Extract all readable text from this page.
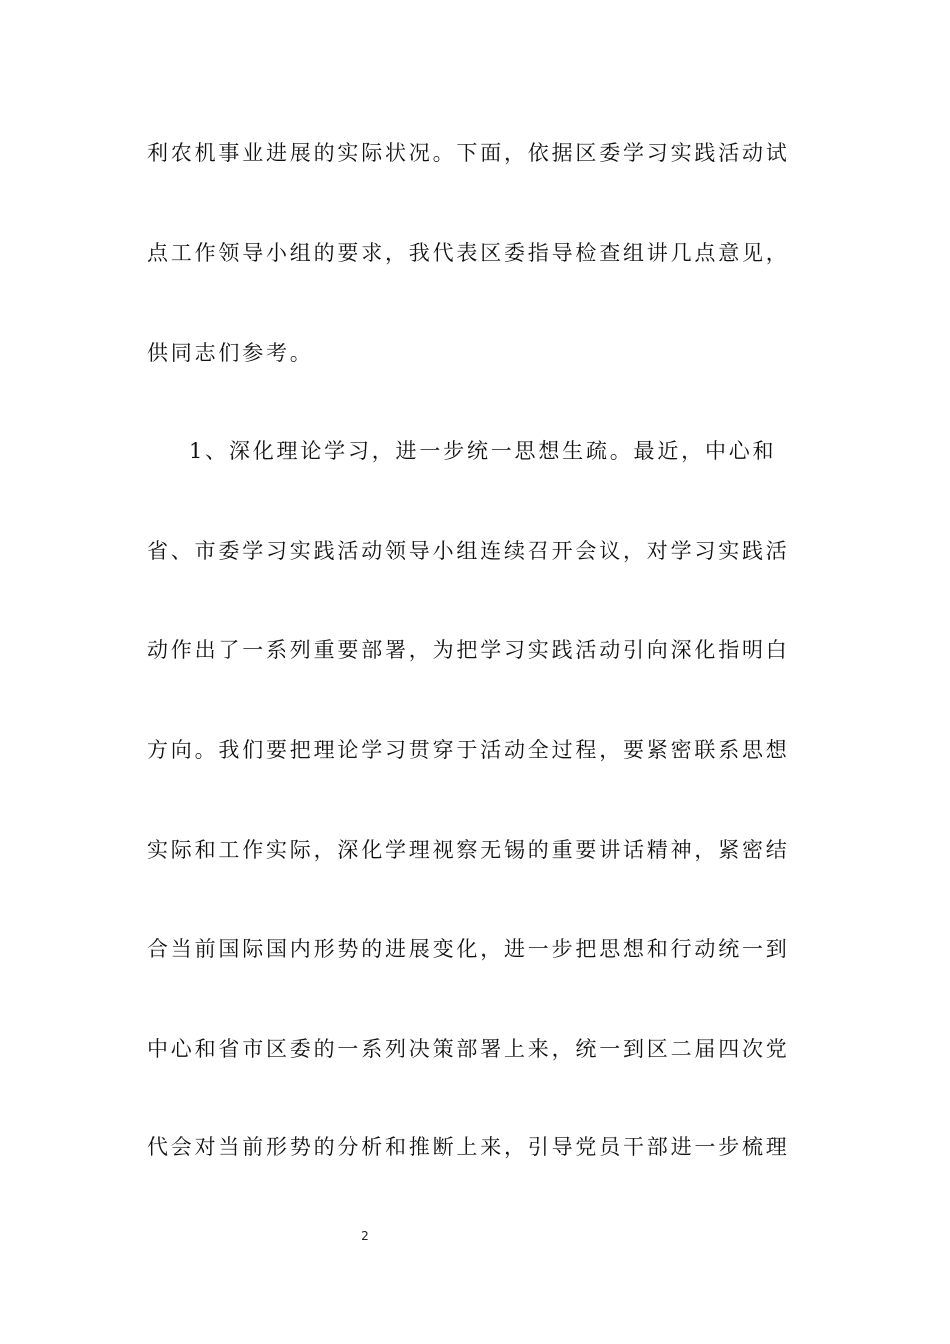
利农机事业进展的实际状况。下面，依据区委学习实践活动试
点工作领导小组的要求，我代表区委指导检查组讲几点意见，
供同志们参考。
1、深化理论学习，进一步统一思想生疏。最近，中心和
省、市委学习实践活动领导小组连续召开会议，对学习实践活
动作出了一系列重要部署，为把学习实践活动引向深化指明白
方向。我们要把理论学习贯穿于活动全过程，要紧密联系思想
实际和工作实际，深化学理视察无锡的重要讲话精神，紧密结
合当前国际国内形势的进展变化，进一步把思想和行动统一到
中心和省市区委的一系列决策部署上来，统一到区二届四次党
代会对当前形势的分析和推断上来，引导党员干部进一步梳理
2
